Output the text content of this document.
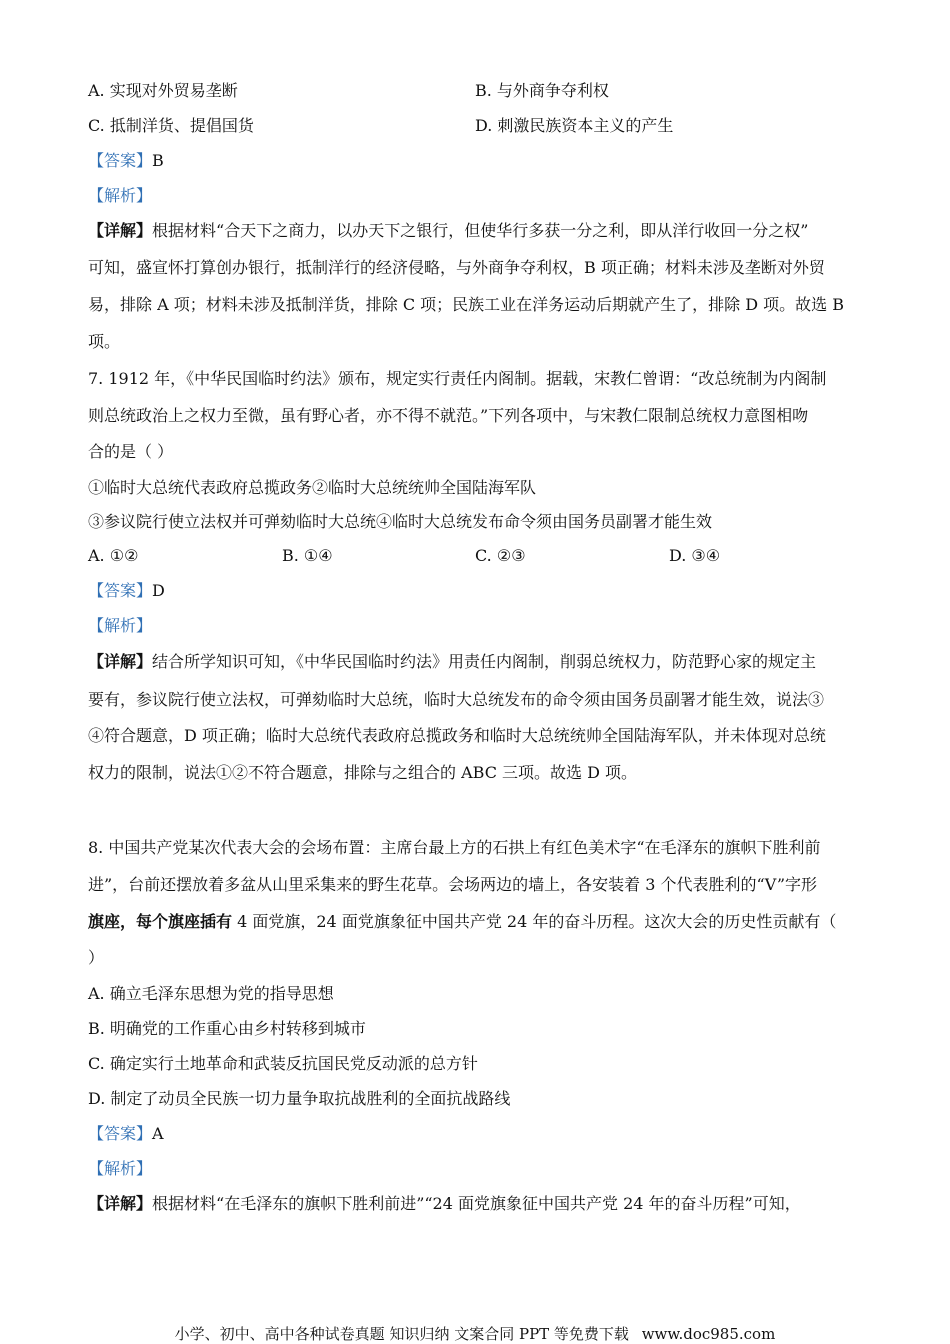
A. 实现对外贸易垄断	B. 与外商争夺利权
C. 抵制洋货、提倡国货	D. 刺激民族资本主义的产生
【答案】B
【解析】
【详解】根据材料“合天下之商力，以办天下之银行，但使华行多获一分之利，即从洋行收回一分之权”
可知，盛宣怀打算创办银行，抵制洋行的经济侵略，与外商争夺利权，B 项正确；材料未涉及垄断对外贸
易，排除 A 项；材料未涉及抵制洋货，排除 C 项；民族工业在洋务运动后期就产生了，排除 D 项。故选 B
项。
7. 1912 年，《中华民国临时约法》颁布，规定实行责任内阁制。据载，宋教仁曾谓：“改总统制为内阁制
则总统政治上之权力至微，虽有野心者，亦不得不就范。”下列各项中，与宋教仁限制总统权力意图相吻
合的是（ ）
①临时大总统代表政府总揽政务②临时大总统统帅全国陆海军队
③参议院行使立法权并可弹劾临时大总统④临时大总统发布命令须由国务员副署才能生效
A. ①②	B. ①④	C. ②③	D. ③④
【答案】D
【解析】
【详解】结合所学知识可知，《中华民国临时约法》用责任内阁制，削弱总统权力，防范野心家的规定主
要有，参议院行使立法权，可弹劾临时大总统，临时大总统发布的命令须由国务员副署才能生效，说法③
④符合题意，D 项正确；临时大总统代表政府总揽政务和临时大总统统帅全国陆海军队，并未体现对总统
权力的限制，说法①②不符合题意，排除与之组合的 ABC 三项。故选 D 项。
8. 中国共产党某次代表大会的会场布置：主席台最上方的石拱上有红色美术字“在毛泽东的旗帜下胜利前
进”，台前还摆放着多盆从山里采集来的野生花草。会场两边的墙上，各安装着 3 个代表胜利的“V”字形
旗座，每个旗座插有 4 面党旗，24 面党旗象征中国共产党 24 年的奋斗历程。这次大会的历史性贡献有（
）
A. 确立毛泽东思想为党的指导思想
B. 明确党的工作重心由乡村转移到城市
C. 确定实行土地革命和武装反抗国民党反动派的总方针
D. 制定了动员全民族一切力量争取抗战胜利的全面抗战路线
【答案】A
【解析】
【详解】根据材料“在毛泽东的旗帜下胜利前进”“24 面党旗象征中国共产党 24 年的奋斗历程”可知，
小学、初中、高中各种试卷真题 知识归纳 文案合同 PPT 等免费下载 www.doc985.com
